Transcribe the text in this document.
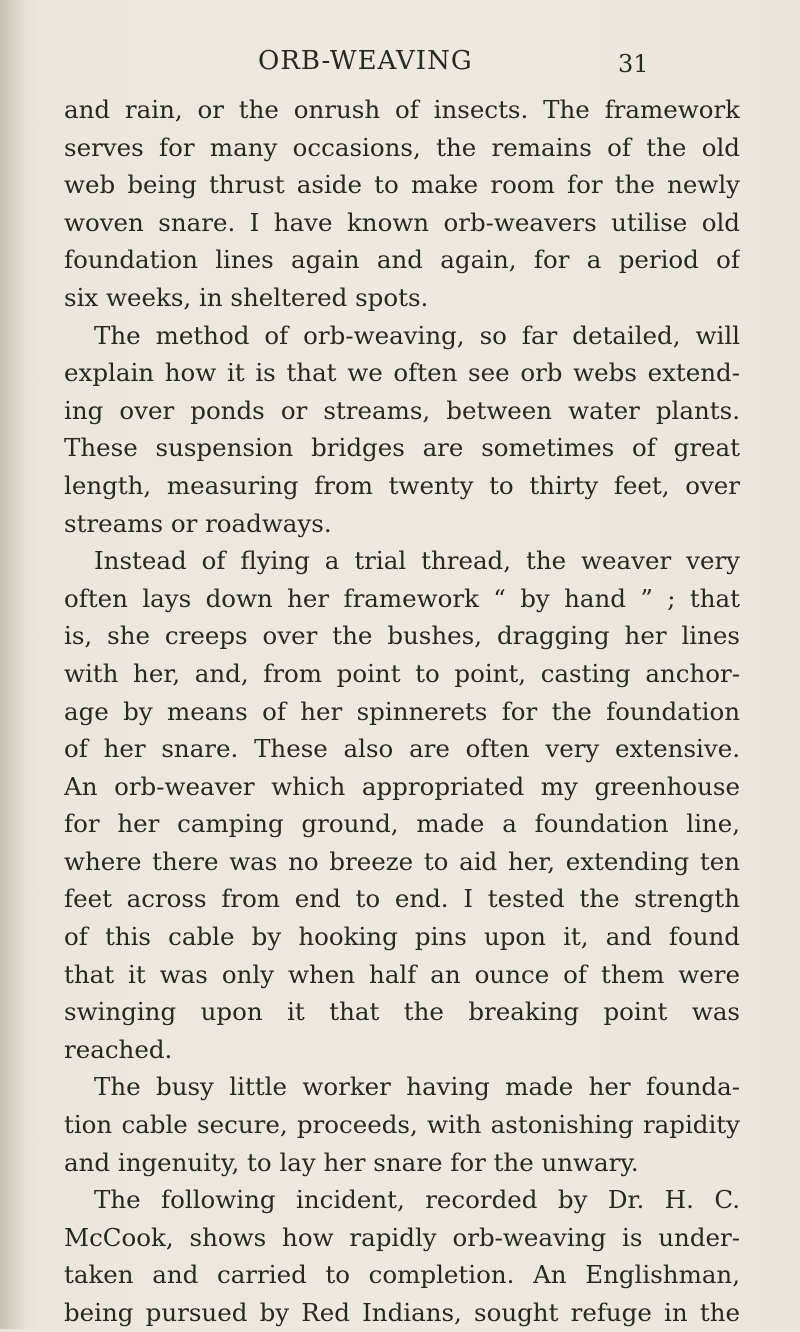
ORB-WEAVING	31
and rain, or the onrush of insects. The framework
serves for many occasions, the remains of the old
web being thrust aside to make room for the newly
woven snare. I have known orb-weavers utilise old
foundation lines again and again, for a period of
six weeks, in sheltered spots.
The method of orb-weaving, so far detailed, will
explain how it is that we often see orb webs extend-
ing over ponds or streams, between water plants.
These suspension bridges are sometimes of great
length, measuring from twenty to thirty feet, over
streams or roadways.
Instead of flying a trial thread, the weaver very
often lays down her framework “ by hand ” ; that
is, she creeps over the bushes, dragging her lines
with her, and, from point to point, casting anchor-
age by means of her spinnerets for the foundation
of her snare. These also are often very extensive.
An orb-weaver which appropriated my greenhouse
for her camping ground, made a foundation line,
where there was no breeze to aid her, extending ten
feet across from end to end. I tested the strength
of this cable by hooking pins upon it, and found
that it was only when half an ounce of them were
swinging upon it that the breaking point was
reached.
The busy little worker having made her founda-
tion cable secure, proceeds, with astonishing rapidity
and ingenuity, to lay her snare for the unwary.
The following incident, recorded by Dr. H. C.
McCook, shows how rapidly orb-weaving is under-
taken and carried to completion. An Englishman,
being pursued by Red Indians, sought refuge in the
